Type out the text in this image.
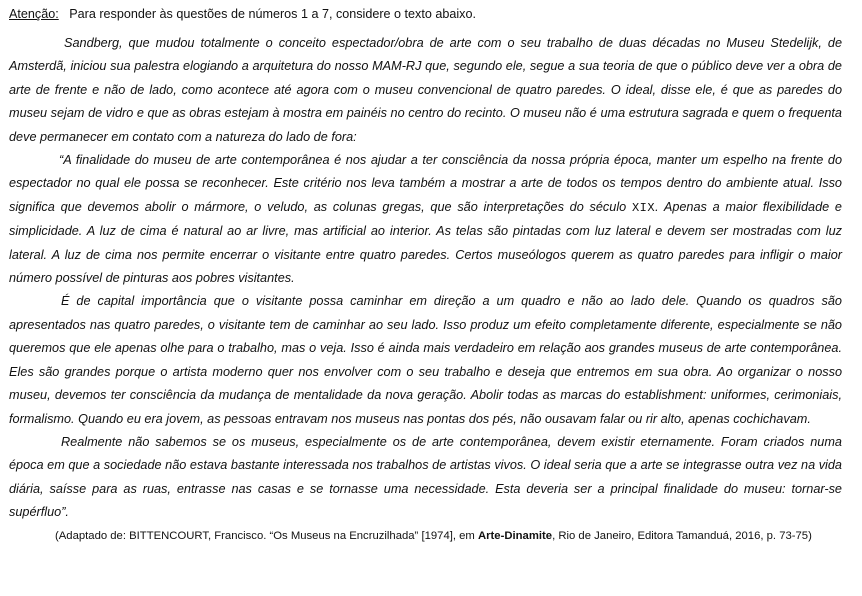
Atenção: Para responder às questões de números 1 a 7, considere o texto abaixo.

Sandberg, que mudou totalmente o conceito espectador/obra de arte com o seu trabalho de duas décadas no Museu Stedelijk, de Amsterdã, iniciou sua palestra elogiando a arquitetura do nosso MAM-RJ que, segundo ele, segue a sua teoria de que o público deve ver a obra de arte de frente e não de lado, como acontece até agora com o museu convencional de quatro paredes. O ideal, disse ele, é que as paredes do museu sejam de vidro e que as obras estejam à mostra em painéis no centro do recinto. O museu não é uma estrutura sagrada e quem o frequenta deve permanecer em contato com a natureza do lado de fora:

“A finalidade do museu de arte contemporânea é nos ajudar a ter consciência da nossa própria época, manter um espelho na frente do espectador no qual ele possa se reconhecer. Este critério nos leva também a mostrar a arte de todos os tempos dentro do ambiente atual. Isso significa que devemos abolir o mármore, o veludo, as colunas gregas, que são interpretações do século XIX. Apenas a maior flexibilidade e simplicidade. A luz de cima é natural ao ar livre, mas artificial ao interior. As telas são pintadas com luz lateral e devem ser mostradas com luz lateral. A luz de cima nos permite encerrar o visitante entre quatro paredes. Certos museólogos querem as quatro paredes para infligir o maior número possível de pinturas aos pobres visitantes.

É de capital importância que o visitante possa caminhar em direção a um quadro e não ao lado dele. Quando os quadros são apresentados nas quatro paredes, o visitante tem de caminhar ao seu lado. Isso produz um efeito completamente diferente, especialmente se não queremos que ele apenas olhe para o trabalho, mas o veja. Isso é ainda mais verdadeiro em relação aos grandes museus de arte contemporânea. Eles são grandes porque o artista moderno quer nos envolver com o seu trabalho e deseja que entremos em sua obra. Ao organizar o nosso museu, devemos ter consciência da mudança de mentalidade da nova geração. Abolir todas as marcas do establishment: uniformes, cerimoniais, formalismo. Quando eu era jovem, as pessoas entravam nos museus nas pontas dos pés, não ousavam falar ou rir alto, apenas cochichavam.

Realmente não sabemos se os museus, especialmente os de arte contemporânea, devem existir eternamente. Foram criados numa época em que a sociedade não estava bastante interessada nos trabalhos de artistas vivos. O ideal seria que a arte se integrasse outra vez na vida diária, saísse para as ruas, entrasse nas casas e se tornasse uma necessidade. Esta deveria ser a principal finalidade do museu: tornar-se supérfluo”.

(Adaptado de: BITTENCOURT, Francisco. “Os Museus na Encruzilhada” [1974], em Arte-Dinamite, Rio de Janeiro, Editora Tamanduá, 2016, p. 73-75)
